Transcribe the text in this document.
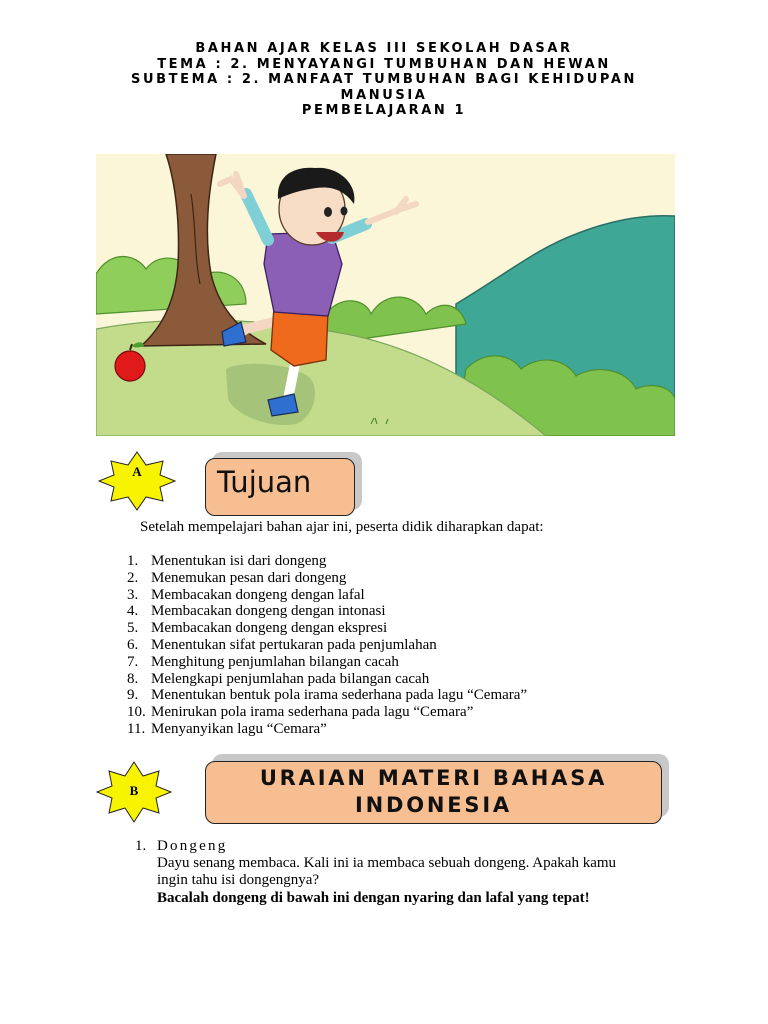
BAHAN AJAR KELAS III SEKOLAH DASAR
TEMA : 2. MENYAYANGI TUMBUHAN DAN HEWAN
SUBTEMA : 2. MANFAAT TUMBUHAN BAGI KEHIDUPAN
MANUSIA
PEMBELAJARAN 1
A	Tujuan
Setelah mempelajari bahan ajar ini, peserta didik diharapkan dapat:
1. Menentukan isi dari dongeng
2. Menemukan pesan dari dongeng
3. Membacakan dongeng dengan lafal
4. Membacakan dongeng dengan intonasi
5. Membacakan dongeng dengan ekspresi
6. Menentukan sifat pertukaran pada penjumlahan
7. Menghitung penjumlahan bilangan cacah
8. Melengkapi penjumlahan pada bilangan cacah
9. Menentukan bentuk pola irama sederhana pada lagu “Cemara”
10. Menirukan pola irama sederhana pada lagu “Cemara”
11. Menyanyikan lagu “Cemara”
B
URAIAN MATERI BAHASA
INDONESIA
1. Dongeng
Dayu senang membaca. Kali ini ia membaca sebuah dongeng. Apakah kamu
ingin tahu isi dongengnya?
Bacalah dongeng di bawah ini dengan nyaring dan lafal yang tepat!
